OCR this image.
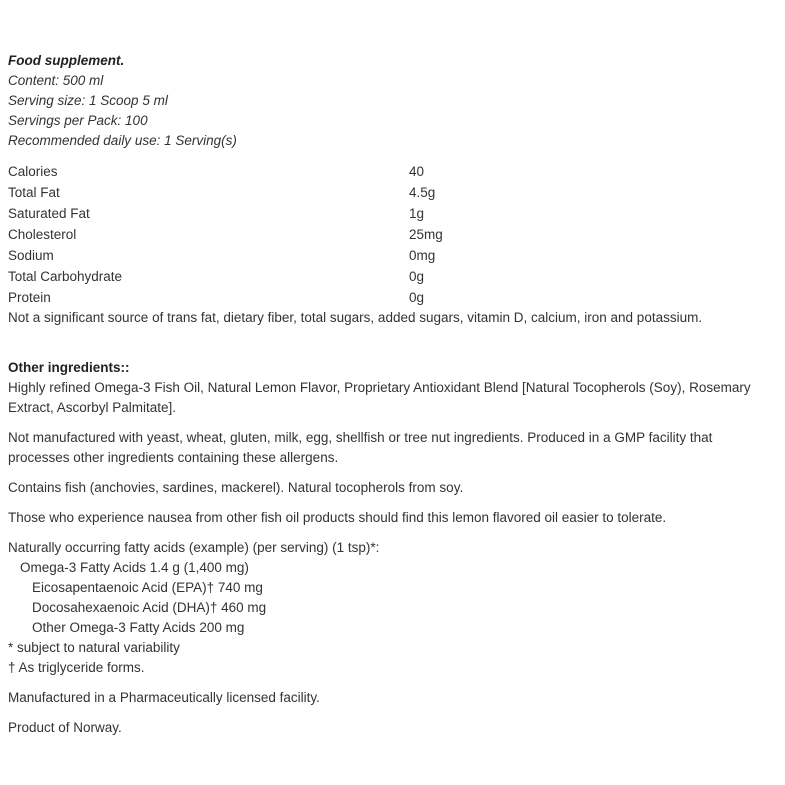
Food supplement.
Content: 500 ml
Serving size: 1 Scoop 5 ml
Servings per Pack: 100
Recommended daily use: 1 Serving(s)
Calories	40
Total Fat	4.5g
Saturated Fat	1g
Cholesterol	25mg
Sodium	0mg
Total Carbohydrate	0g
Protein	0g
Not a significant source of trans fat, dietary fiber, total sugars, added sugars, vitamin D, calcium, iron and potassium.
Other ingredients::
Highly refined Omega-3 Fish Oil, Natural Lemon Flavor, Proprietary Antioxidant Blend [Natural Tocopherols (Soy), Rosemary
Extract, Ascorbyl Palmitate].
Not manufactured with yeast, wheat, gluten, milk, egg, shellfish or tree nut ingredients. Produced in a GMP facility that
processes other ingredients containing these allergens.
Contains fish (anchovies, sardines, mackerel). Natural tocopherols from soy.
Those who experience nausea from other fish oil products should find this lemon flavored oil easier to tolerate.
Naturally occurring fatty acids (example) (per serving) (1 tsp)*:
Omega-3 Fatty Acids 1.4 g (1,400 mg)
Eicosapentaenoic Acid (EPA)† 740 mg
Docosahexaenoic Acid (DHA)† 460 mg
Other Omega-3 Fatty Acids 200 mg
* subject to natural variability
† As triglyceride forms.
Manufactured in a Pharmaceutically licensed facility.
Product of Norway.
